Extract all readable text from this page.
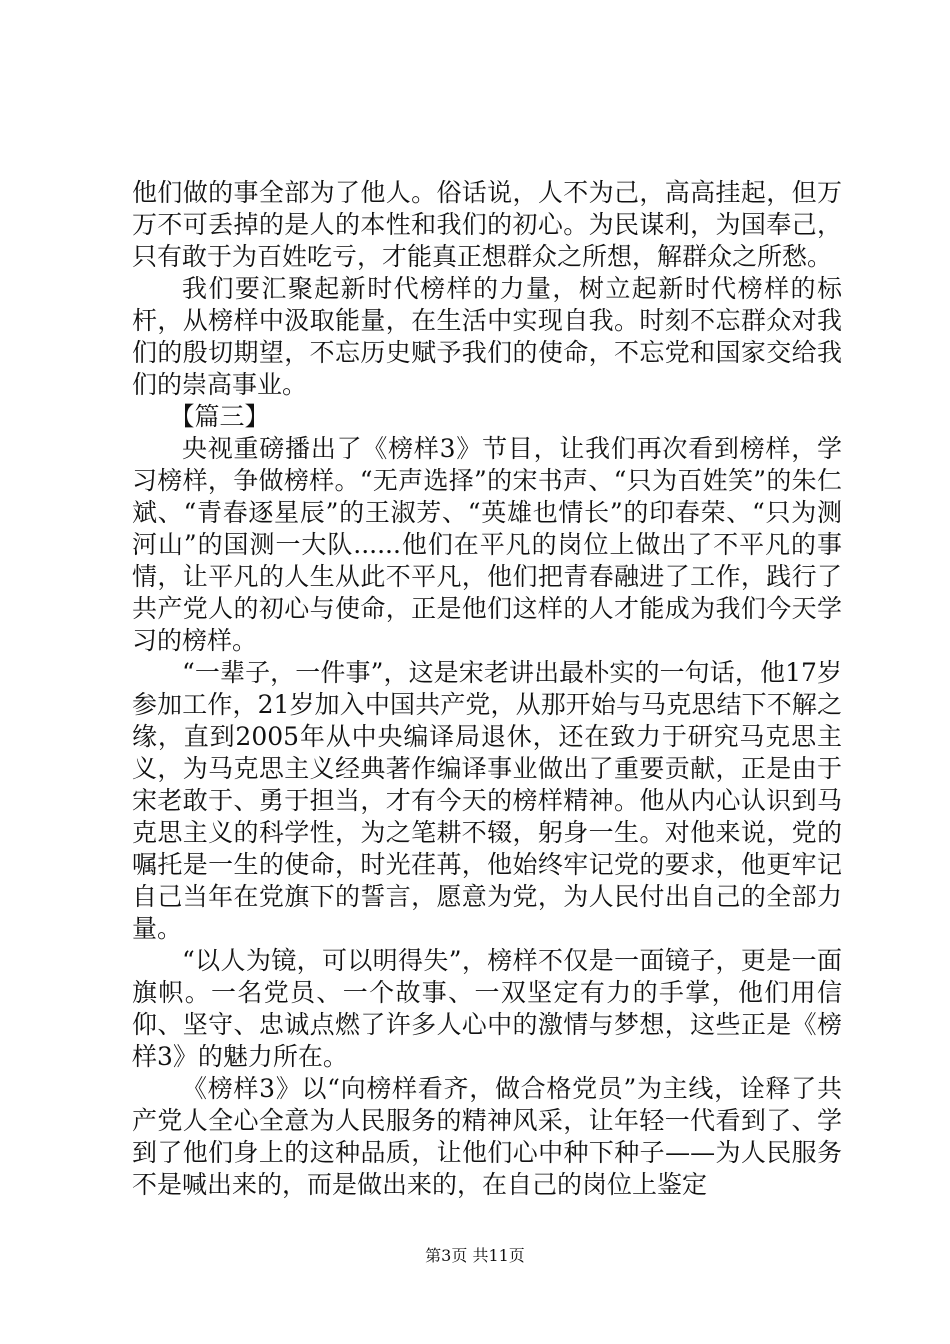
他们做的事全部为了他人。俗话说，人不为己，高高挂起，但万万不可丢掉的是人的本性和我们的初心。为民谋利，为国奉己，只有敢于为百姓吃亏，才能真正想群众之所想，解群众之所愁。

我们要汇聚起新时代榜样的力量，树立起新时代榜样的标杆，从榜样中汲取能量，在生活中实现自我。时刻不忘群众对我们的殷切期望，不忘历史赋予我们的使命，不忘党和国家交给我们的崇高事业。

【篇三】

央视重磅播出了《榜样3》节目，让我们再次看到榜样，学习榜样，争做榜样。“无声选择”的宋书声、“只为百姓笑”的朱仁斌、“青春逐星辰”的王淑芳、“英雄也情长”的印春荣、“只为测河山”的国测一大队......他们在平凡的岗位上做出了不平凡的事情，让平凡的人生从此不平凡，他们把青春融进了工作，践行了共产党人的初心与使命，正是他们这样的人才能成为我们今天学习的榜样。

“一辈子，一件事”，这是宋老讲出最朴实的一句话，他17岁参加工作，21岁加入中国共产党，从那开始与马克思结下不解之缘，直到2005年从中央编译局退休，还在致力于研究马克思主义，为马克思主义经典著作编译事业做出了重要贡献，正是由于宋老敢于、勇于担当，才有今天的榜样精神。他从内心认识到马克思主义的科学性，为之笔耕不辍，躬身一生。对他来说，党的嘱托是一生的使命，时光荏苒，他始终牢记党的要求，他更牢记自己当年在党旗下的誓言，愿意为党，为人民付出自己的全部力量。

“以人为镜，可以明得失”，榜样不仅是一面镜子，更是一面旗帜。一名党员、一个故事、一双坚定有力的手掌，他们用信仰、坚守、忠诚点燃了许多人心中的激情与梦想，这些正是《榜样3》的魅力所在。

《榜样3》以“向榜样看齐，做合格党员”为主线，诠释了共产党人全心全意为人民服务的精神风采，让年轻一代看到了、学到了他们身上的这种品质，让他们心中种下种子——为人民服务不是喊出来的，而是做出来的，在自己的岗位上鉴定

第3页 共11页
